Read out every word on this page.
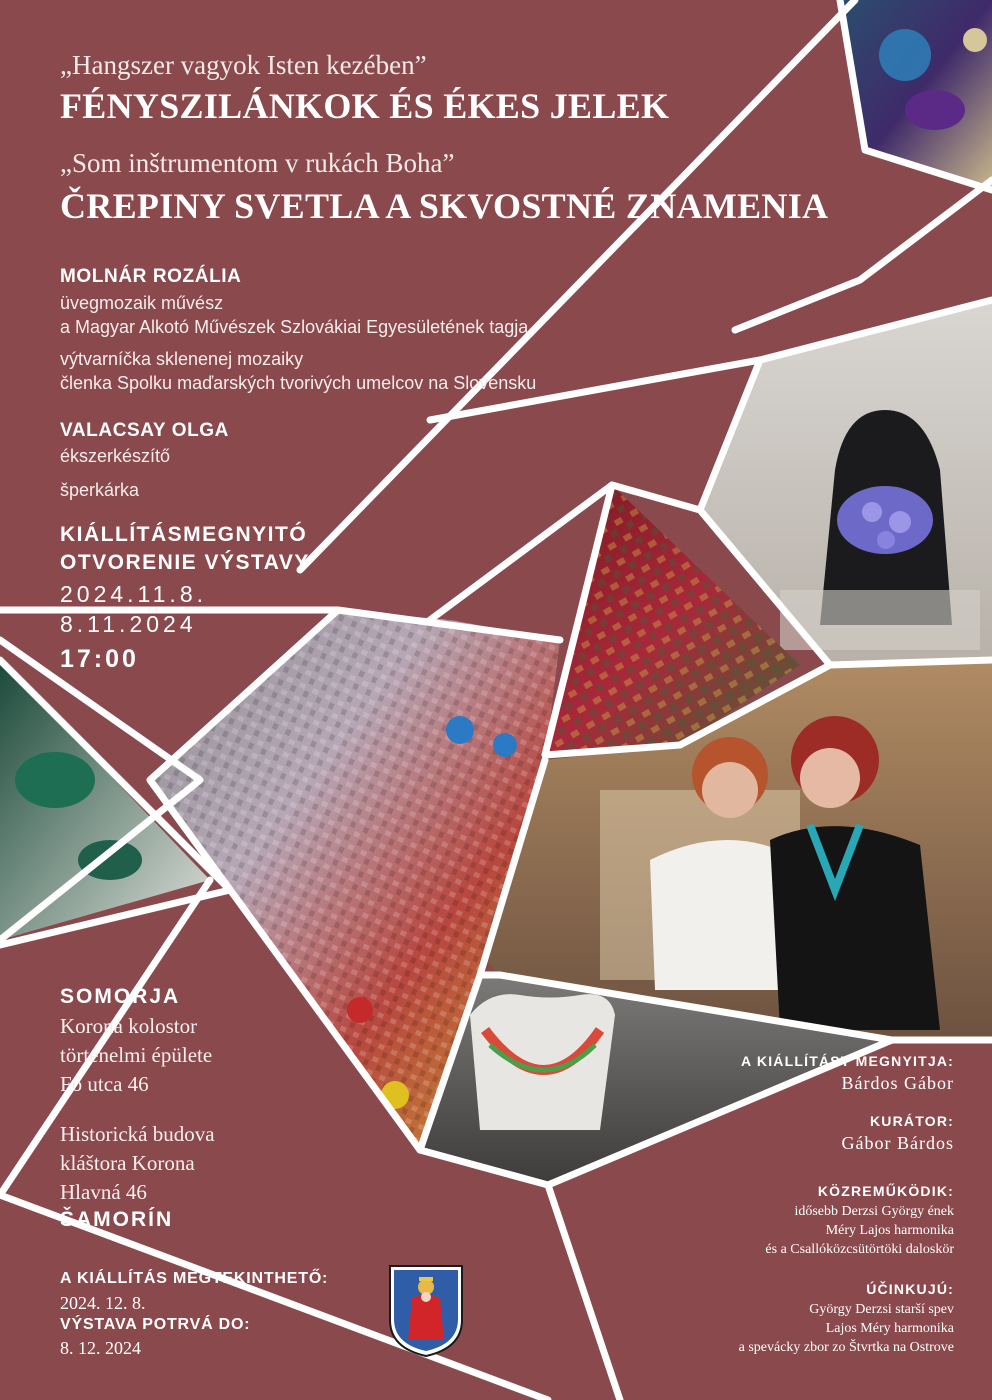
„Hangszer vagyok Isten kezében”
FÉNYSZILÁNKOK ÉS ÉKES JELEK
„Som inštrumentom v rukách Boha”
ČREPINY SVETLA A SKVOSTNÉ ZNAMENIA
MOLNÁR ROZÁLIA
üvegmozaik művész
a Magyar Alkotó Művészek Szlovákiai Egyesületének tagja
výtvarníčka sklenenej mozaiky
členka Spolku maďarských tvorivých umelcov na Slovensku
VALACSAY OLGA
ékszerkészítő
šperkárka
KIÁLLÍTÁSMEGNYITÓ
OTVORENIE VÝSTAVY
2024.11.8.
8.11.2024
17:00
SOMORJA
Korona kolostor
történelmi épülete
Fő utca 46
Historická budova
kláštora Korona
Hlavná 46
ŠAMORÍN
A KIÁLLÍTÁS MEGTEKINTHETŐ:
2024. 12. 8.
VÝSTAVA POTRVÁ DO:
8. 12. 2024
A KIÁLLÍTÁST MEGNYITJA:
Bárdos Gábor
KURÁTOR:
Gábor Bárdos
KÖZREMŰKÖDIK:
idősebb Derzsi György ének
Méry Lajos harmonika
és a Csallóközcsütörtöki daloskör
ÚČINKUJÚ:
György Derzsi starší spev
Lajos Méry harmonika
a spevácky zbor zo Štvrtka na Ostrove
